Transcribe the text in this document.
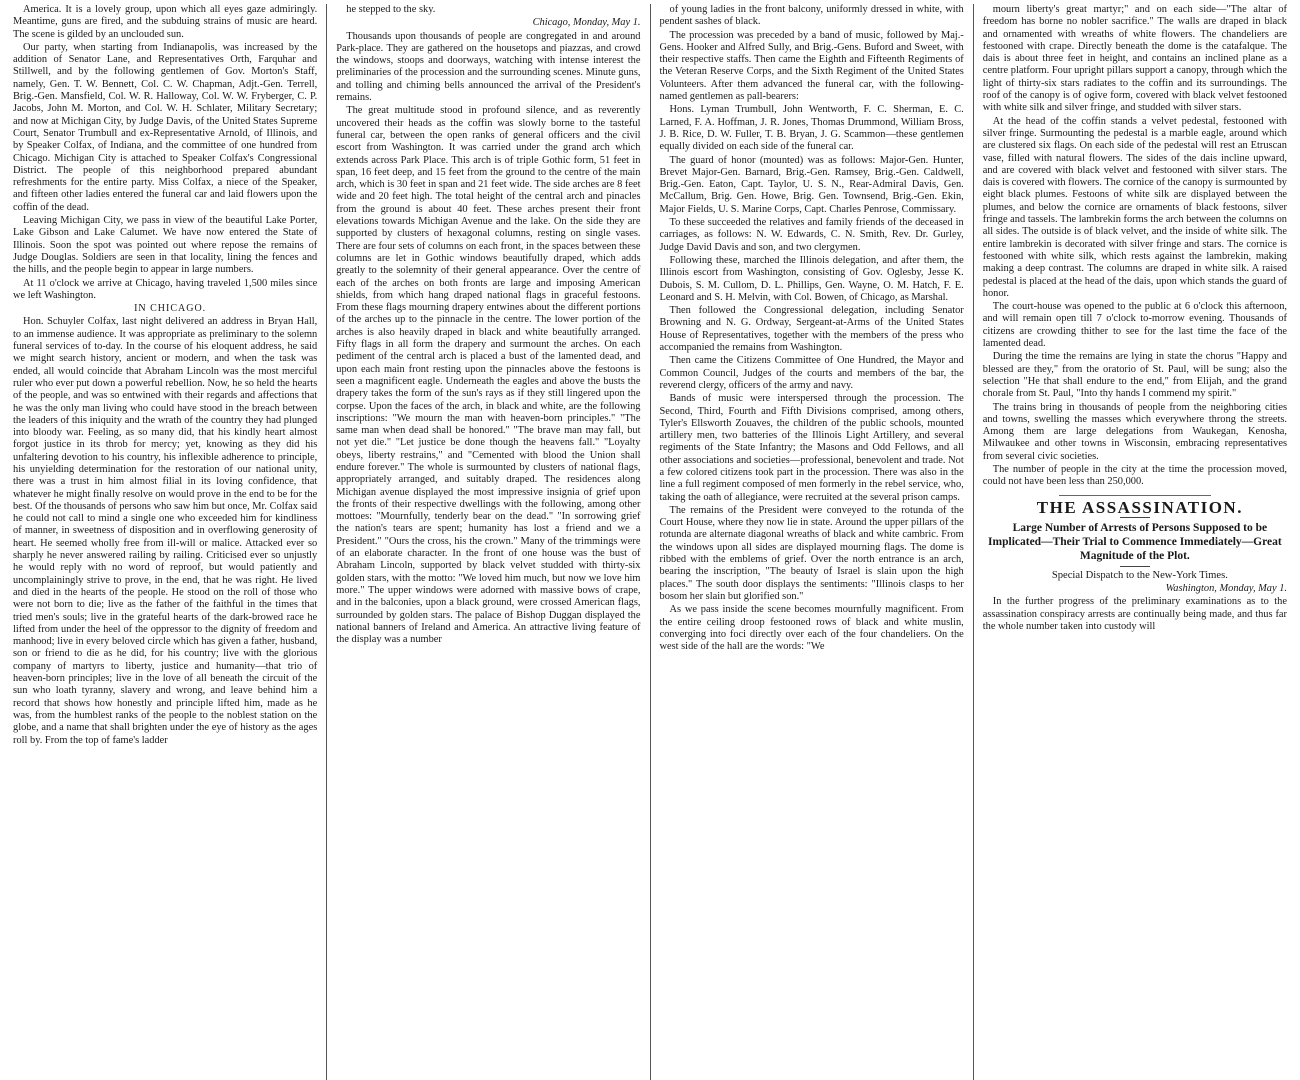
America. It is a lovely group, upon which all eyes gaze admiringly. Meantime, guns are fired, and the subduing strains of music are heard. The scene is gilded by an unclouded sun.

Our party, when starting from Indianapolis, was increased by the addition of Senator Lane, and Representatives Orth, Farquhar and Stillwell, and by the following gentlemen of Gov. Morton's Staff, namely, Gen. T. W. Bennett, Col. C. W. Chapman, Adjt.-Gen. Terrell, Brig.-Gen. Mansfield, Col. W. R. Halloway, Col. W. W. Fryberger, C. P. Jacobs, John M. Morton, and Col. W. H. Schlater, Military Secretary; and now at Michigan City, by Judge Davis, of the United States Supreme Court, Senator Trumbull and ex-Representative Arnold, of Illinois, and by Speaker Colfax, of Indiana, and the committee of one hundred from Chicago. Michigan City is attached to Speaker Colfax's Congressional District. The people of this neighborhood prepared abundant refreshments for the entire party. Miss Colfax, a niece of the Speaker, and fifteen other ladies entered the funeral car and laid flowers upon the coffin of the dead.

Leaving Michigan City, we pass in view of the beautiful Lake Porter, Lake Gibson and Lake Calumet. We have now entered the State of Illinois. Soon the spot was pointed out where repose the remains of Judge Douglas. Soldiers are seen in that locality, lining the fences and the hills, and the people begin to appear in large numbers.

At 11 o'clock we arrive at Chicago, having traveled 1,500 miles since we left Washington.

IN CHICAGO.

Hon. Schuyler Colfax, last night delivered an address in Bryan Hall, to an immense audience. It was appropriate as preliminary to the solemn funeral services of to-day. In the course of his eloquent address, he said we might search history, ancient or modern, and when the task was ended, all would coincide that Abraham Lincoln was the most merciful ruler who ever put down a powerful rebellion. Now, he so held the hearts of the people, and was so entwined with their regards and affections that he was the only man living who could have stood in the breach between the leaders of this iniquity and the wrath of the country they had plunged into bloody war. Feeling, as so many did, that his kindly heart almost forgot justice in its throb for mercy; yet, knowing as they did his unfaltering devotion to his country, his inflexible adherence to principle, his unyielding determination for the restoration of our national unity, there was a trust in him almost filial in its loving confidence, that whatever he might finally resolve on would prove in the end to be for the best. Of the thousands of persons who saw him but once, Mr. Colfax said he could not call to mind a single one who exceeded him for kindliness of manner, in sweetness of disposition and in overflowing generosity of heart. He seemed wholly free from ill-will or malice. Attacked ever so sharply he never answered railing by railing. Criticised ever so unjustly he would reply with no word of reproof, but would patiently and uncomplainingly strive to prove, in the end, that he was right. He lived and died in the hearts of the people. He stood on the roll of those who were not born to die; live as the father of the faithful in the times that tried men's souls; live in the grateful hearts of the dark-browed race he lifted from under the heel of the oppressor to the dignity of freedom and manhood; live in every beloved circle which has given a father, husband, son or friend to die as he did, for his country; live with the glorious company of martyrs to liberty, justice and humanity—that trio of heaven-born principles; live in the love of all beneath the circuit of the sun who loath tyranny, slavery and wrong, and leave behind him a record that shows how honestly and principle lifted him, made as he was, from the humblest ranks of the people to the noblest station on the globe, and a name that shall brighten under the eye of history as the ages roll by. From the top of fame's ladder

he stepped to the sky.

Chicago, Monday, May 1.

Thousands upon thousands of people are congregated in and around Park-place. They are gathered on the housetops and piazzas, and crowd the windows, stoops and doorways, watching with intense interest the preliminaries of the procession and the surrounding scenes. Minute guns, and tolling and chiming bells announced the arrival of the President's remains.

The great multitude stood in profound silence, and as reverently uncovered their heads as the coffin was slowly borne to the tasteful funeral car, between the open ranks of general officers and the civil escort from Washington. It was carried under the grand arch which extends across Park Place. This arch is of triple Gothic form, 51 feet in span, 16 feet deep, and 15 feet from the ground to the centre of the main arch, which is 30 feet in span and 21 feet wide. The side arches are 8 feet wide and 20 feet high. The total height of the central arch and pinacles from the ground is about 40 feet. These arches present their front elevations towards Michigan Avenue and the lake. On the side they are supported by clusters of hexagonal columns, resting on single vases. There are four sets of columns on each front, in the spaces between these columns are let in Gothic windows beautifully draped, which adds greatly to the solemnity of their general appearance. Over the centre of each of the arches on both fronts are large and imposing American shields, from which hang draped national flags in graceful festoons. From these flags mourning drapery entwines about the different portions of the arches up to the pinnacle in the centre. The lower portion of the arches is also heavily draped in black and white beautifully arranged. Fifty flags in all form the drapery and surmount the arches. On each pediment of the central arch is placed a bust of the lamented dead, and upon each main front resting upon the pinnacles above the festoons is seen a magnificent eagle. Underneath the eagles and above the busts the drapery takes the form of the sun's rays as if they still lingered upon the corpse. Upon the faces of the arch, in black and white, are the following inscriptions: "We mourn the man with heaven-born principles." "The same man when dead shall be honored." "The brave man may fall, but not yet die." "Let justice be done though the heavens fall." "Loyalty obeys, liberty restrains," and "Cemented with blood the Union shall endure forever." The whole is surmounted by clusters of national flags, appropriately arranged, and suitably draped. The residences along Michigan avenue displayed the most impressive insignia of grief upon the fronts of their respective dwellings with the following, among other mottoes: "Mournfully, tenderly bear on the dead." "In sorrowing grief the nation's tears are spent; humanity has lost a friend and we a President." "Ours the cross, his the crown." Many of the trimmings were of an elaborate character. In the front of one house was the bust of Abraham Lincoln, supported by black velvet studded with thirty-six golden stars, with the motto: "We loved him much, but now we love him more." The upper windows were adorned with massive bows of crape, and in the balconies, upon a black ground, were crossed American flags, surrounded by golden stars. The palace of Bishop Duggan displayed the national banners of Ireland and America. An attractive living feature of the display was a number

of young ladies in the front balcony, uniformly dressed in white, with pendent sashes of black.

The procession was preceded by a band of music, followed by Maj.-Gens. Hooker and Alfred Sully, and Brig.-Gens. Buford and Sweet, with their respective staffs. Then came the Eighth and Fifteenth Regiments of the Veteran Reserve Corps, and the Sixth Regiment of the United States Volunteers. After them advanced the funeral car, with the following-named gentlemen as pall-bearers:

Hons. Lyman Trumbull, John Wentworth, F. C. Sherman, E. C. Larned, F. A. Hoffman, J. R. Jones, Thomas Drummond, William Bross, J. B. Rice, D. W. Fuller, T. B. Bryan, J. G. Scammon—these gentlemen equally divided on each side of the funeral car.

The guard of honor (mounted) was as follows: Major-Gen. Hunter, Brevet Major-Gen. Barnard, Brig.-Gen. Ramsey, Brig.-Gen. Caldwell, Brig.-Gen. Eaton, Capt. Taylor, U. S. N., Rear-Admiral Davis, Gen. McCallum, Brig. Gen. Howe, Brig. Gen. Townsend, Brig.-Gen. Ekin, Major Fields, U. S. Marine Corps, Capt. Charles Penrose, Commissary.

To these succeeded the relatives and family friends of the deceased in carriages, as follows: N. W. Edwards, C. N. Smith, Rev. Dr. Gurley, Judge David Davis and son, and two clergymen.

Following these, marched the Illinois delegation, and after them, the Illinois escort from Washington, consisting of Gov. Oglesby, Jesse K. Dubois, S. M. Cullom, D. L. Phillips, Gen. Wayne, O. M. Hatch, F. E. Leonard and S. H. Melvin, with Col. Bowen, of Chicago, as Marshal.

Then followed the Congressional delegation, including Senator Browning and N. G. Ordway, Sergeant-at-Arms of the United States House of Representatives, together with the members of the press who accompanied the remains from Washington.

Then came the Citizens Committee of One Hundred, the Mayor and Common Council, Judges of the courts and members of the bar, the reverend clergy, officers of the army and navy.

Bands of music were interspersed through the procession. The Second, Third, Fourth and Fifth Divisions comprised, among others, Tyler's Ellsworth Zouaves, the children of the public schools, mounted artillery men, two batteries of the Illinois Light Artillery, and several regiments of the State Infantry; the Masons and Odd Fellows, and all other associations and societies—professional, benevolent and trade. Not a few colored citizens took part in the procession. There was also in the line a full regiment composed of men formerly in the rebel service, who, taking the oath of allegiance, were recruited at the several prison camps.

The remains of the President were conveyed to the rotunda of the Court House, where they now lie in state. Around the upper pillars of the rotunda are alternate diagonal wreaths of black and white cambric. From the windows upon all sides are displayed mourning flags. The dome is ribbed with the emblems of grief. Over the north entrance is an arch, bearing the inscription, "The beauty of Israel is slain upon the high places." The south door displays the sentiments: "Illinois clasps to her bosom her slain but glorified son."

As we pass inside the scene becomes mournfully magnificent. From the entire ceiling droop festooned rows of black and white muslin, converging into foci directly over each of the four chandeliers. On the west side of the hall are the words: "We

mourn liberty's great martyr;" and on each side—"The altar of freedom has borne no nobler sacrifice." The walls are draped in black and ornamented with wreaths of white flowers. The chandeliers are festooned with crape. Directly beneath the dome is the catafalque. The dais is about three feet in height, and contains an inclined plane as a centre platform. Four upright pillars support a canopy, through which the light of thirty-six stars radiates to the coffin and its surroundings. The roof of the canopy is of ogive form, covered with black velvet festooned with white silk and silver fringe, and studded with silver stars.

At the head of the coffin stands a velvet pedestal, festooned with silver fringe. Surmounting the pedestal is a marble eagle, around which are clustered six flags. On each side of the pedestal will rest an Etruscan vase, filled with natural flowers. The sides of the dais incline upward, and are covered with black velvet and festooned with silver stars. The dais is covered with flowers. The cornice of the canopy is surmounted by eight black plumes. Festoons of white silk are displayed between the plumes, and below the cornice are ornaments of black festoons, silver fringe and tassels. The lambrekin forms the arch between the columns on all sides. The outside is of black velvet, and the inside of white silk. The entire lambrekin is decorated with silver fringe and stars. The cornice is festooned with white silk, which rests against the lambrekin, making making a deep contrast. The columns are draped in white silk. A raised pedestal is placed at the head of the dais, upon which stands the guard of honor.

The court-house was opened to the public at 6 o'clock this afternoon, and will remain open till 7 o'clock to-morrow evening. Thousands of citizens are crowding thither to see for the last time the face of the lamented dead.

During the time the remains are lying in state the chorus "Happy and blessed are they," from the oratorio of St. Paul, will be sung; also the selection "He that shall endure to the end," from Elijah, and the grand chorale from St. Paul, "Into thy hands I commend my spirit."

The trains bring in thousands of people from the neighboring cities and towns, swelling the masses which everywhere throng the streets. Among them are large delegations from Waukegan, Kenosha, Milwaukee and other towns in Wisconsin, embracing representatives from several civic societies.

The number of people in the city at the time the procession moved, could not have been less than 250,000.

THE ASSASSINATION.

Large Number of Arrests of Persons Supposed to be Implicated—Their Trial to Commence Immediately—Great Magnitude of the Plot.

Special Dispatch to the New-York Times.

Washington, Monday, May 1.

In the further progress of the preliminary examinations as to the assassination conspiracy arrests are continually being made, and thus far the whole number taken into custody will
